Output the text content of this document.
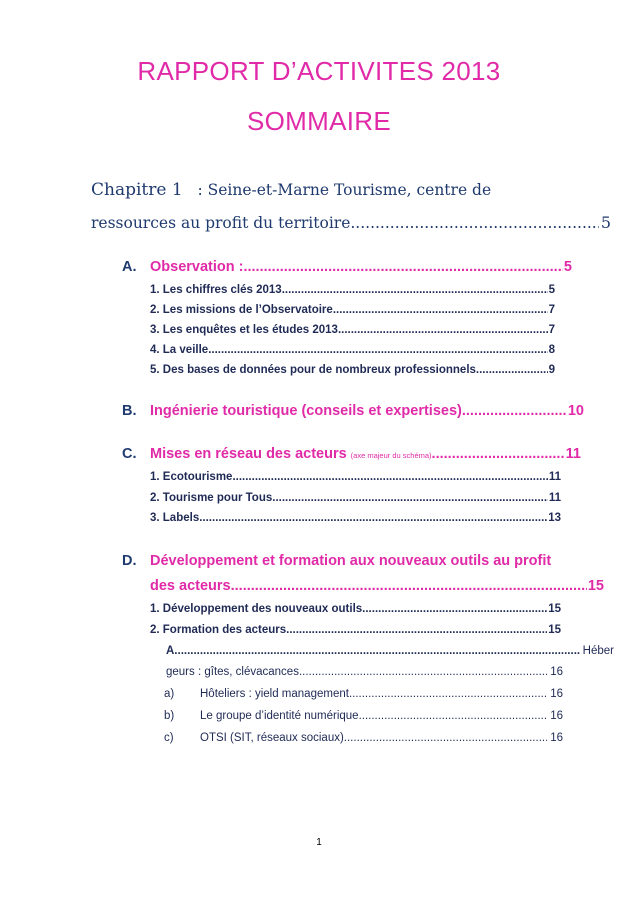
RAPPORT D’ACTIVITES 2013
SOMMAIRE
Chapitre 1 : Seine-et-Marne Tourisme, centre de
ressources au profit du territoire .....	5
A. Observation : .....	5
1. Les chiffres clés 2013 .....	5
2. Les missions de l’Observatoire .....	7
3. Les enquêtes et les études 2013 .....	7
4. La veille .....	8
5. Des bases de données pour de nombreux professionnels .....	9
B. Ingénierie touristique (conseils et expertises) .....	10
C. Mises en réseau des acteurs (axe majeur du schéma) .....	11
1. Ecotourisme .....	11
2. Tourisme pour Tous .....	11
3. Labels .....	13
D. Développement et formation aux nouveaux outils au profit
des acteurs .....	15
1. Développement des nouveaux outils .....	15
2. Formation des acteurs .....	15
A. .....	Héber
geurs : gîtes, clévacances .....	16
a)	Hôteliers : yield management .....	16
b)	Le groupe d’identité numérique .....	16
c)	OTSI (SIT, réseaux sociaux) .....	16
1
